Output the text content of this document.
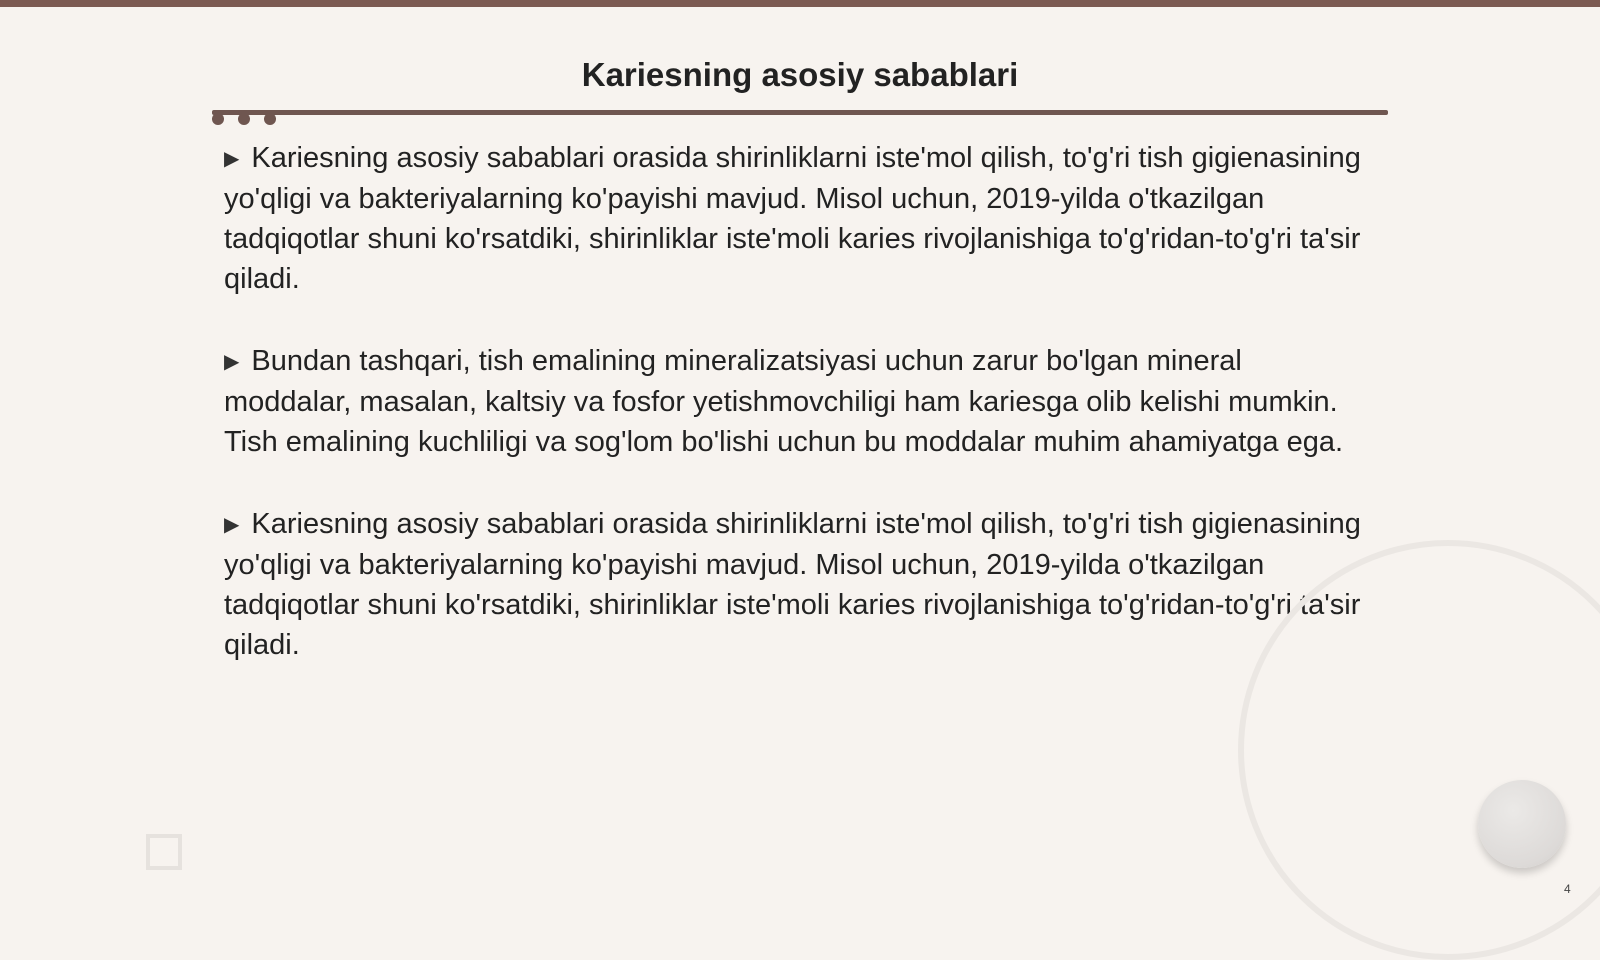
Kariesning asosiy sabablari

▶ Kariesning asosiy sabablari orasida shirinliklarni iste'mol qilish, to'g'ri tish gigienasining yo'qligi va bakteriyalarning ko'payishi mavjud. Misol uchun, 2019-yilda o'tkazilgan tadqiqotlar shuni ko'rsatdiki, shirinliklar iste'moli karies rivojlanishiga to'g'ridan-to'g'ri ta'sir qiladi.

▶ Bundan tashqari, tish emalining mineralizatsiyasi uchun zarur bo'lgan mineral moddalar, masalan, kaltsiy va fosfor yetishmovchiligi ham kariesga olib kelishi mumkin. Tish emalining kuchliligi va sog'lom bo'lishi uchun bu moddalar muhim ahamiyatga ega.

▶ Kariesning asosiy sabablari orasida shirinliklarni iste'mol qilish, to'g'ri tish gigienasining yo'qligi va bakteriyalarning ko'payishi mavjud. Misol uchun, 2019-yilda o'tkazilgan tadqiqotlar shuni ko'rsatdiki, shirinliklar iste'moli karies rivojlanishiga to'g'ridan-to'g'ri ta'sir qiladi.

4
